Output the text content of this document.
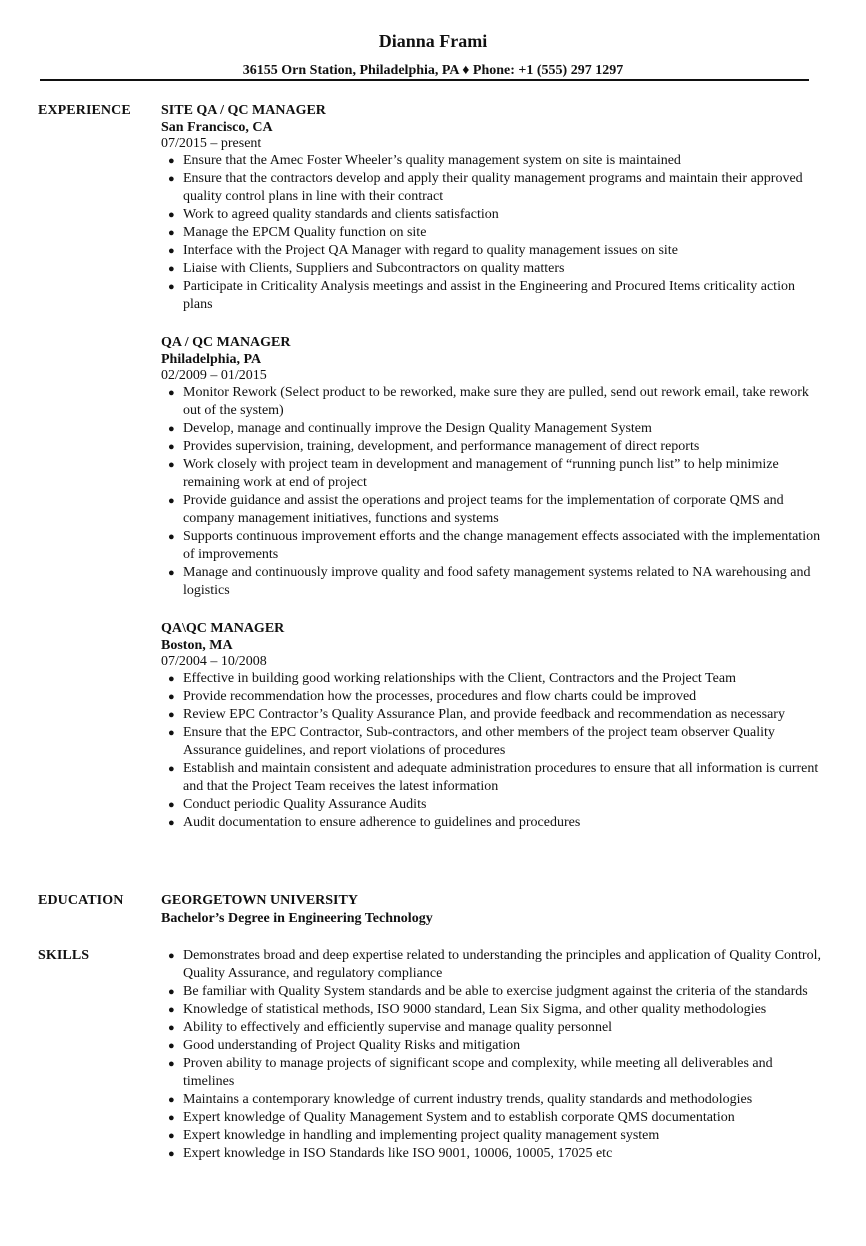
Dianna Frami
36155 Orn Station, Philadelphia, PA ♦ Phone: +1 (555) 297 1297
EXPERIENCE SITE QA / QC MANAGER
San Francisco, CA
07/2015 – present
● Ensure that the Amec Foster Wheeler’s quality management system on site is maintained
● Ensure that the contractors develop and apply their quality management programs and maintain their approved quality control plans in line with their contract
● Work to agreed quality standards and clients satisfaction
● Manage the EPCM Quality function on site
● Interface with the Project QA Manager with regard to quality management issues on site
● Liaise with Clients, Suppliers and Subcontractors on quality matters
● Participate in Criticality Analysis meetings and assist in the Engineering and Procured Items criticality action plans
QA / QC MANAGER
Philadelphia, PA
02/2009 – 01/2015
● Monitor Rework (Select product to be reworked, make sure they are pulled, send out rework email, take rework out of the system)
● Develop, manage and continually improve the Design Quality Management System
● Provides supervision, training, development, and performance management of direct reports
● Work closely with project team in development and management of “running punch list” to help minimize remaining work at end of project
● Provide guidance and assist the operations and project teams for the implementation of corporate QMS and company management initiatives, functions and systems
● Supports continuous improvement efforts and the change management effects associated with the implementation of improvements
● Manage and continuously improve quality and food safety management systems related to NA warehousing and logistics
QA\QC MANAGER
Boston, MA
07/2004 – 10/2008
● Effective in building good working relationships with the Client, Contractors and the Project Team
● Provide recommendation how the processes, procedures and flow charts could be improved
● Review EPC Contractor’s Quality Assurance Plan, and provide feedback and recommendation as necessary
● Ensure that the EPC Contractor, Sub-contractors, and other members of the project team observer Quality Assurance guidelines, and report violations of procedures
● Establish and maintain consistent and adequate administration procedures to ensure that all information is current and that the Project Team receives the latest information
● Conduct periodic Quality Assurance Audits
● Audit documentation to ensure adherence to guidelines and procedures
EDUCATION	GEORGETOWN UNIVERSITY
Bachelor’s Degree in Engineering Technology
SKILLS	● Demonstrates broad and deep expertise related to understanding the principles and application of Quality Control, Quality Assurance, and regulatory compliance
● Be familiar with Quality System standards and be able to exercise judgment against the criteria of the standards
● Knowledge of statistical methods, ISO 9000 standard, Lean Six Sigma, and other quality methodologies
● Ability to effectively and efficiently supervise and manage quality personnel
● Good understanding of Project Quality Risks and mitigation
● Proven ability to manage projects of significant scope and complexity, while meeting all deliverables and timelines
● Maintains a contemporary knowledge of current industry trends, quality standards and methodologies
● Expert knowledge of Quality Management System and to establish corporate QMS documentation
● Expert knowledge in handling and implementing project quality management system
● Expert knowledge in ISO Standards like ISO 9001, 10006, 10005, 17025 etc
